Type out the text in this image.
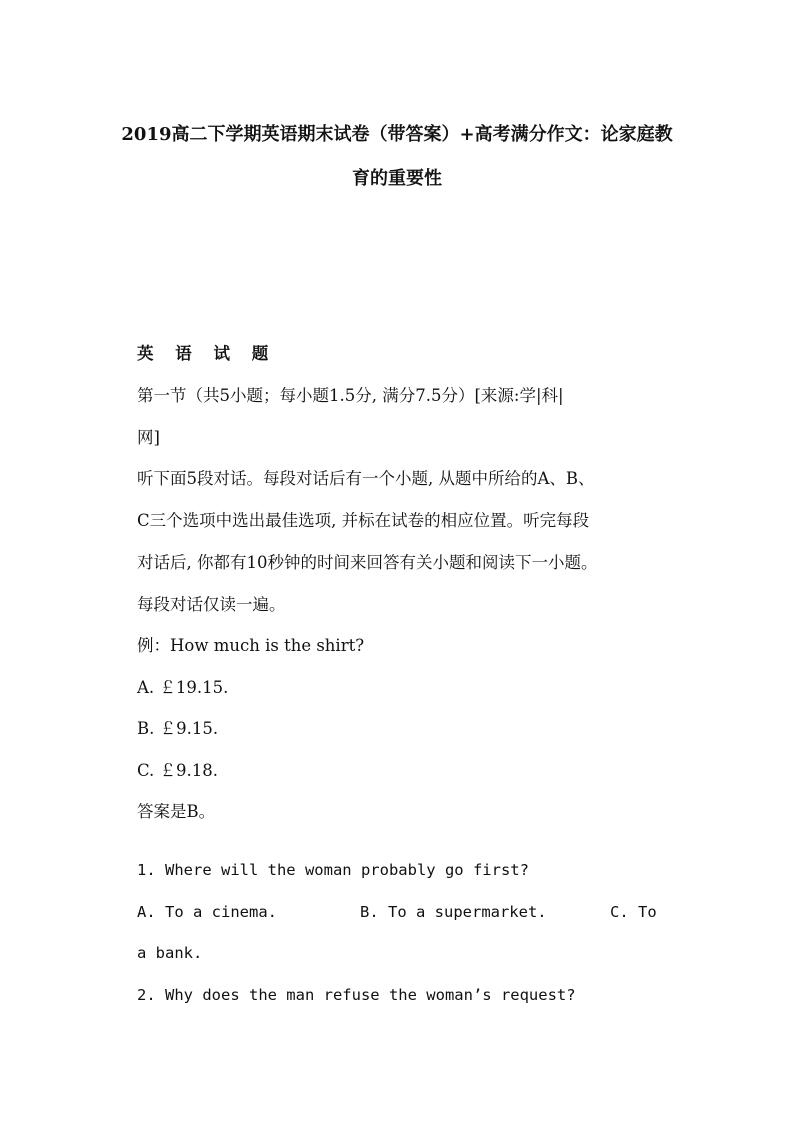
2019高二下学期英语期末试卷（带答案）+高考满分作文：论家庭教
育的重要性
英 语 试 题
第一节（共5小题；每小题1.5分, 满分7.5分）[来源:学|科|
网]
听下面5段对话。每段对话后有一个小题, 从题中所给的A、B、
C三个选项中选出最佳选项, 并标在试卷的相应位置。听完每段
对话后, 你都有10秒钟的时间来回答有关小题和阅读下一小题。
每段对话仅读一遍。
例：How much is the shirt?
A. ￡19.15.
B. ￡9.15.
C. ￡9.18.
答案是B。
1. Where will the woman probably go first?
A. To a cinema.	B. To a supermarket.	C. To
a bank.
2. Why does the man refuse the woman’s request?
